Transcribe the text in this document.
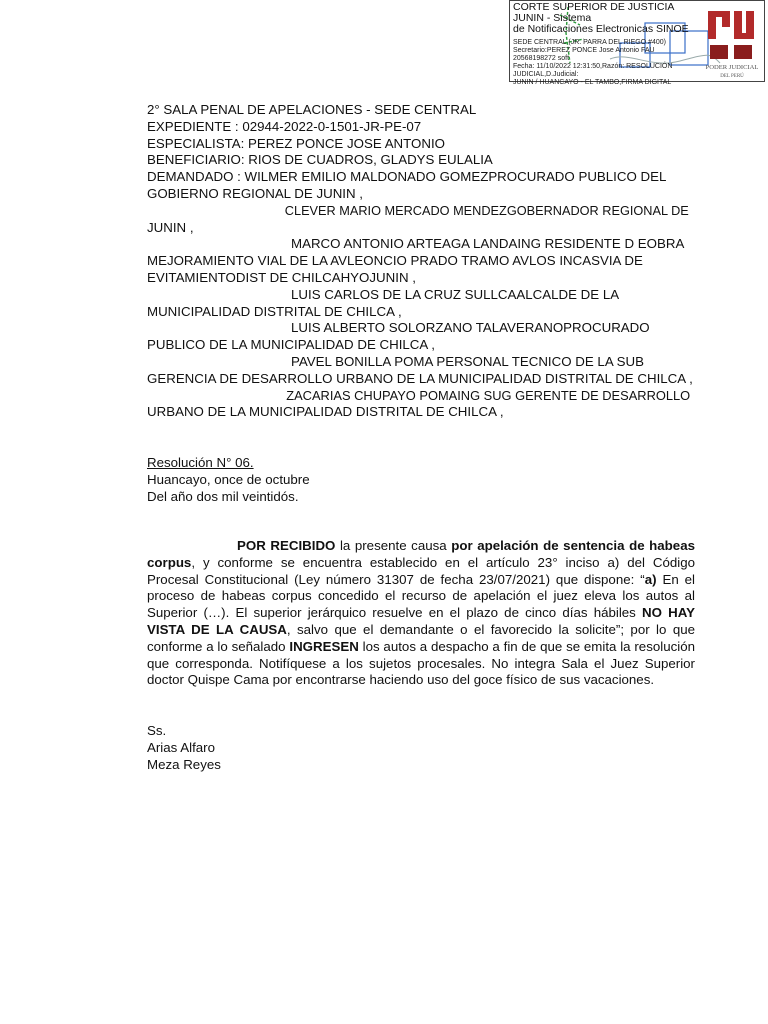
CORTE SUPERIOR DE JUSTICIA JUNIN - Sistema
de Notificaciones Electronicas SINOE
SEDE CENTRAL (JR. PARRA DEL RIEGO #400)
Secretario:PEREZ PONCE Jose Antonio FAU 20568198272 soft
Fecha: 11/10/2022 12:31:50,Razón: RESOLUCIÓN JUDICIAL,D.Judicial:
JUNIN / HUANCAYO - EL TAMBO,FIRMA DIGITAL
PODER JUDICIAL
DEL PERÚ
2° SALA PENAL DE APELACIONES - SEDE CENTRAL
EXPEDIENTE : 02944-2022-0-1501-JR-PE-07
ESPECIALISTA: PEREZ PONCE JOSE ANTONIO
BENEFICIARIO: RIOS DE CUADROS, GLADYS EULALIA
DEMANDADO : WILMER EMILIO MALDONADO GOMEZPROCURADO PUBLICO DEL
GOBIERNO REGIONAL DE JUNIN ,
CLEVER MARIO MERCADO MENDEZGOBERNADOR REGIONAL DE
JUNIN ,
MARCO ANTONIO ARTEAGA LANDAING RESIDENTE D EOBRA
MEJORAMIENTO VIAL DE LA AVLEONCIO PRADO TRAMO AVLOS INCASVIA DE
EVITAMIENTODIST DE CHILCAHYOJUNIN ,
LUIS CARLOS DE LA CRUZ SULLCAALCALDE DE LA
MUNICIPALIDAD DISTRITAL DE CHILCA ,
LUIS ALBERTO SOLORZANO TALAVERANOPROCURADO
PUBLICO DE LA MUNICIPALIDAD DE CHILCA ,
PAVEL BONILLA POMA PERSONAL TECNICO DE LA SUB
GERENCIA DE DESARROLLO URBANO DE LA MUNICIPALIDAD DISTRITAL DE CHILCA ,
ZACARIAS CHUPAYO POMAING SUG GERENTE DE DESARROLLO
URBANO DE LA MUNICIPALIDAD DISTRITAL DE CHILCA ,
Resolución N° 06.
Huancayo, once de octubre
Del año dos mil veintidós.
POR RECIBIDO la presente causa por apelación de sentencia de habeas corpus, y conforme se encuentra establecido en el artículo 23° inciso a) del Código Procesal Constitucional (Ley número 31307 de fecha 23/07/2021) que dispone: “a) En el proceso de habeas corpus concedido el recurso de apelación el juez eleva los autos al Superior (…). El superior jerárquico resuelve en el plazo de cinco días hábiles NO HAY VISTA DE LA CAUSA, salvo que el demandante o el favorecido la solicite”; por lo que conforme a lo señalado INGRESEN los autos a despacho a fin de que se emita la resolución que corresponda. Notifíquese a los sujetos procesales. No integra Sala el Juez Superior doctor Quispe Cama por encontrarse haciendo uso del goce físico de sus vacaciones.
Ss.
Arias Alfaro
Meza Reyes
